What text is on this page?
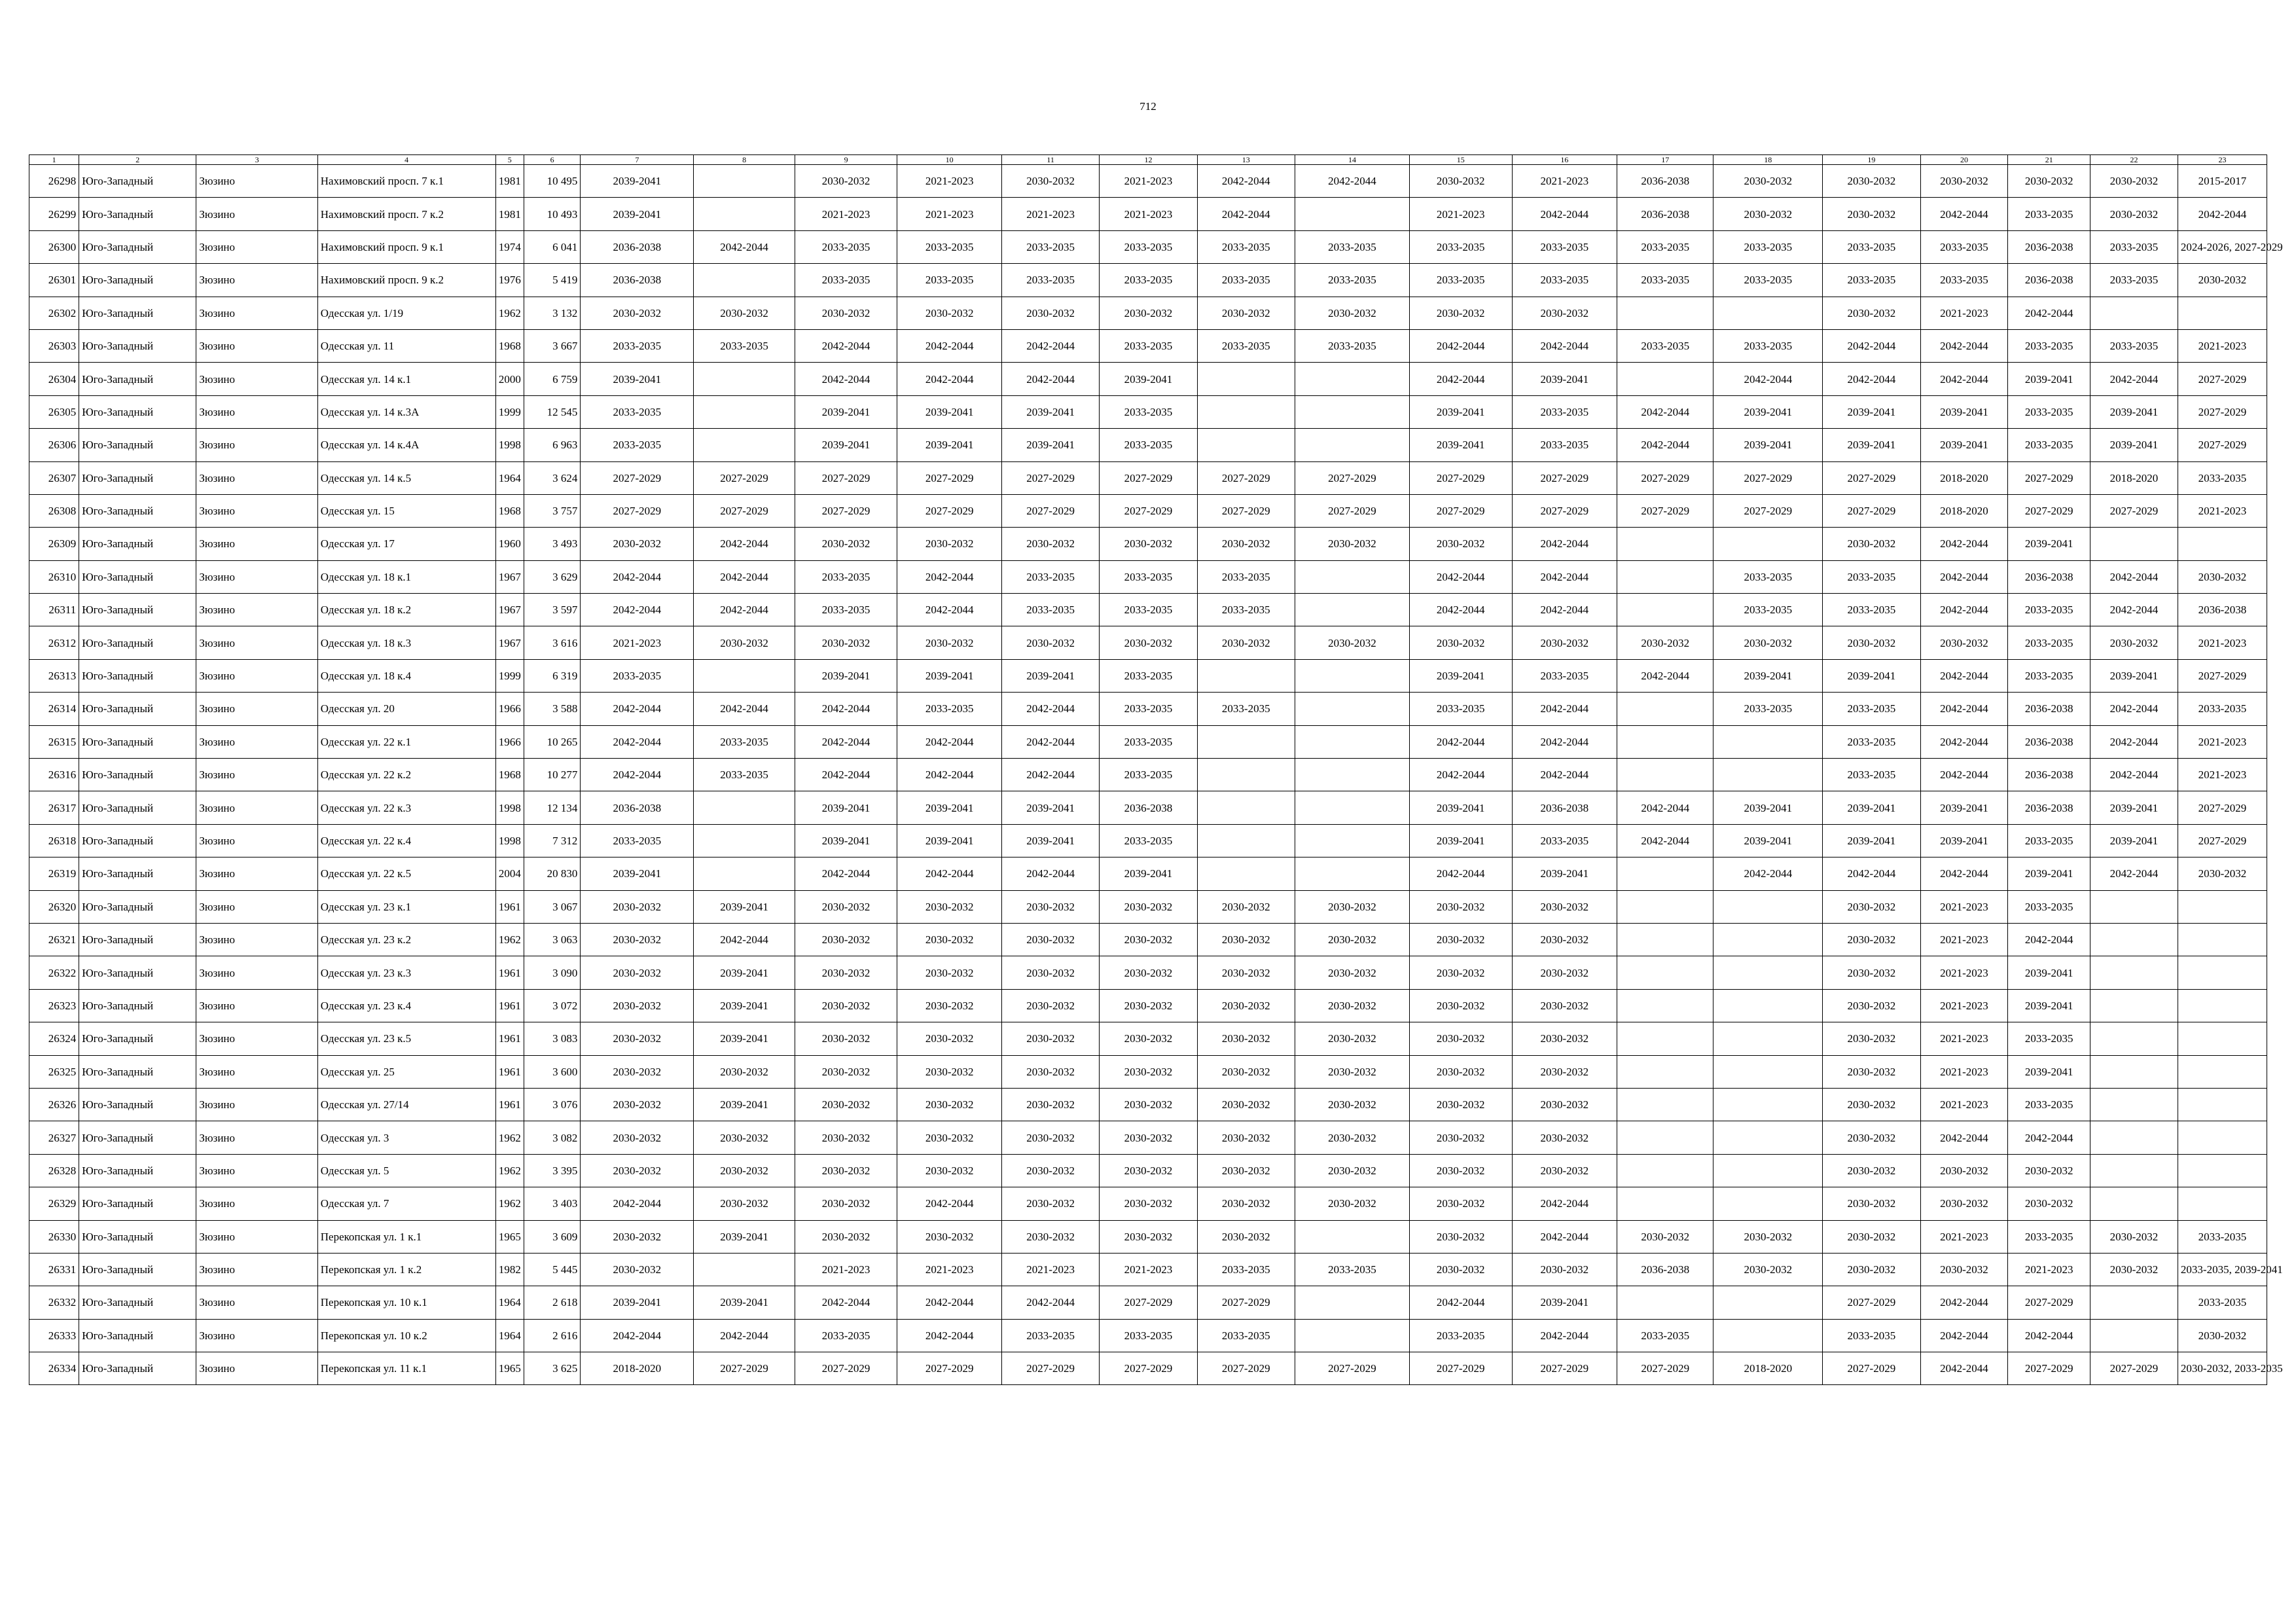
712
1	2	3	4	5	6	7	8	9	10	11	12	13	14	15	16	17	18	19	20	21	22	23
26298	Юго-Западный	Зюзино	Нахимовский просп. 7 к.1	1981	10 495	2039-2041		2030-2032	2021-2023	2030-2032	2021-2023	2042-2044	2042-2044	2030-2032	2021-2023	2036-2038	2030-2032	2030-2032	2030-2032	2030-2032	2030-2032	2015-2017
26299	Юго-Западный	Зюзино	Нахимовский просп. 7 к.2	1981	10 493	2039-2041		2021-2023	2021-2023	2021-2023	2021-2023	2042-2044		2021-2023	2042-2044	2036-2038	2030-2032	2030-2032	2042-2044	2033-2035	2030-2032	2042-2044
26300	Юго-Западный	Зюзино	Нахимовский просп. 9 к.1	1974	6 041	2036-2038	2042-2044	2033-2035	2033-2035	2033-2035	2033-2035	2033-2035	2033-2035	2033-2035	2033-2035	2033-2035	2033-2035	2033-2035	2033-2035	2036-2038	2033-2035	2024-2026, 2027-2029
26301	Юго-Западный	Зюзино	Нахимовский просп. 9 к.2	1976	5 419	2036-2038		2033-2035	2033-2035	2033-2035	2033-2035	2033-2035	2033-2035	2033-2035	2033-2035	2033-2035	2033-2035	2033-2035	2033-2035	2036-2038	2033-2035	2030-2032
26302	Юго-Западный	Зюзино	Одесская ул. 1/19	1962	3 132	2030-2032	2030-2032	2030-2032	2030-2032	2030-2032	2030-2032	2030-2032	2030-2032	2030-2032	2030-2032			2030-2032	2021-2023	2042-2044		
26303	Юго-Западный	Зюзино	Одесская ул. 11	1968	3 667	2033-2035	2033-2035	2042-2044	2042-2044	2042-2044	2033-2035	2033-2035	2033-2035	2042-2044	2042-2044	2033-2035	2033-2035	2042-2044	2042-2044	2033-2035	2033-2035	2021-2023
26304	Юго-Западный	Зюзино	Одесская ул. 14 к.1	2000	6 759	2039-2041		2042-2044	2042-2044	2042-2044	2039-2041			2042-2044	2039-2041		2042-2044	2042-2044	2042-2044	2039-2041	2042-2044	2027-2029
26305	Юго-Западный	Зюзино	Одесская ул. 14 к.3А	1999	12 545	2033-2035		2039-2041	2039-2041	2039-2041	2033-2035			2039-2041	2033-2035	2042-2044	2039-2041	2039-2041	2039-2041	2033-2035	2039-2041	2027-2029
26306	Юго-Западный	Зюзино	Одесская ул. 14 к.4А	1998	6 963	2033-2035		2039-2041	2039-2041	2039-2041	2033-2035			2039-2041	2033-2035	2042-2044	2039-2041	2039-2041	2039-2041	2033-2035	2039-2041	2027-2029
26307	Юго-Западный	Зюзино	Одесская ул. 14 к.5	1964	3 624	2027-2029	2027-2029	2027-2029	2027-2029	2027-2029	2027-2029	2027-2029	2027-2029	2027-2029	2027-2029	2027-2029	2027-2029	2027-2029	2018-2020	2027-2029	2018-2020	2033-2035
26308	Юго-Западный	Зюзино	Одесская ул. 15	1968	3 757	2027-2029	2027-2029	2027-2029	2027-2029	2027-2029	2027-2029	2027-2029	2027-2029	2027-2029	2027-2029	2027-2029	2027-2029	2027-2029	2018-2020	2027-2029	2027-2029	2021-2023
26309	Юго-Западный	Зюзино	Одесская ул. 17	1960	3 493	2030-2032	2042-2044	2030-2032	2030-2032	2030-2032	2030-2032	2030-2032	2030-2032	2030-2032	2042-2044			2030-2032	2042-2044	2039-2041		
26310	Юго-Западный	Зюзино	Одесская ул. 18 к.1	1967	3 629	2042-2044	2042-2044	2033-2035	2042-2044	2033-2035	2033-2035	2033-2035		2042-2044	2042-2044		2033-2035	2033-2035	2042-2044	2036-2038	2042-2044	2030-2032
26311	Юго-Западный	Зюзино	Одесская ул. 18 к.2	1967	3 597	2042-2044	2042-2044	2033-2035	2042-2044	2033-2035	2033-2035	2033-2035		2042-2044	2042-2044		2033-2035	2033-2035	2042-2044	2033-2035	2042-2044	2036-2038
26312	Юго-Западный	Зюзино	Одесская ул. 18 к.3	1967	3 616	2021-2023	2030-2032	2030-2032	2030-2032	2030-2032	2030-2032	2030-2032	2030-2032	2030-2032	2030-2032	2030-2032	2030-2032	2030-2032	2030-2032	2033-2035	2030-2032	2021-2023
26313	Юго-Западный	Зюзино	Одесская ул. 18 к.4	1999	6 319	2033-2035		2039-2041	2039-2041	2039-2041	2033-2035			2039-2041	2033-2035	2042-2044	2039-2041	2039-2041	2042-2044	2033-2035	2039-2041	2027-2029
26314	Юго-Западный	Зюзино	Одесская ул. 20	1966	3 588	2042-2044	2042-2044	2042-2044	2033-2035	2042-2044	2033-2035	2033-2035		2033-2035	2042-2044		2033-2035	2033-2035	2042-2044	2036-2038	2042-2044	2033-2035
26315	Юго-Западный	Зюзино	Одесская ул. 22 к.1	1966	10 265	2042-2044	2033-2035	2042-2044	2042-2044	2042-2044	2033-2035			2042-2044	2042-2044			2033-2035	2042-2044	2036-2038	2042-2044	2021-2023
26316	Юго-Западный	Зюзино	Одесская ул. 22 к.2	1968	10 277	2042-2044	2033-2035	2042-2044	2042-2044	2042-2044	2033-2035			2042-2044	2042-2044			2033-2035	2042-2044	2036-2038	2042-2044	2021-2023
26317	Юго-Западный	Зюзино	Одесская ул. 22 к.3	1998	12 134	2036-2038		2039-2041	2039-2041	2039-2041	2036-2038			2039-2041	2036-2038	2042-2044	2039-2041	2039-2041	2039-2041	2036-2038	2039-2041	2027-2029
26318	Юго-Западный	Зюзино	Одесская ул. 22 к.4	1998	7 312	2033-2035		2039-2041	2039-2041	2039-2041	2033-2035			2039-2041	2033-2035	2042-2044	2039-2041	2039-2041	2039-2041	2033-2035	2039-2041	2027-2029
26319	Юго-Западный	Зюзино	Одесская ул. 22 к.5	2004	20 830	2039-2041		2042-2044	2042-2044	2042-2044	2039-2041			2042-2044	2039-2041		2042-2044	2042-2044	2042-2044	2039-2041	2042-2044	2030-2032
26320	Юго-Западный	Зюзино	Одесская ул. 23 к.1	1961	3 067	2030-2032	2039-2041	2030-2032	2030-2032	2030-2032	2030-2032	2030-2032	2030-2032	2030-2032	2030-2032			2030-2032	2021-2023	2033-2035		
26321	Юго-Западный	Зюзино	Одесская ул. 23 к.2	1962	3 063	2030-2032	2042-2044	2030-2032	2030-2032	2030-2032	2030-2032	2030-2032	2030-2032	2030-2032	2030-2032			2030-2032	2021-2023	2042-2044		
26322	Юго-Западный	Зюзино	Одесская ул. 23 к.3	1961	3 090	2030-2032	2039-2041	2030-2032	2030-2032	2030-2032	2030-2032	2030-2032	2030-2032	2030-2032	2030-2032			2030-2032	2021-2023	2039-2041		
26323	Юго-Западный	Зюзино	Одесская ул. 23 к.4	1961	3 072	2030-2032	2039-2041	2030-2032	2030-2032	2030-2032	2030-2032	2030-2032	2030-2032	2030-2032	2030-2032			2030-2032	2021-2023	2039-2041		
26324	Юго-Западный	Зюзино	Одесская ул. 23 к.5	1961	3 083	2030-2032	2039-2041	2030-2032	2030-2032	2030-2032	2030-2032	2030-2032	2030-2032	2030-2032	2030-2032			2030-2032	2021-2023	2033-2035		
26325	Юго-Западный	Зюзино	Одесская ул. 25	1961	3 600	2030-2032	2030-2032	2030-2032	2030-2032	2030-2032	2030-2032	2030-2032	2030-2032	2030-2032	2030-2032			2030-2032	2021-2023	2039-2041		
26326	Юго-Западный	Зюзино	Одесская ул. 27/14	1961	3 076	2030-2032	2039-2041	2030-2032	2030-2032	2030-2032	2030-2032	2030-2032	2030-2032	2030-2032	2030-2032			2030-2032	2021-2023	2033-2035		
26327	Юго-Западный	Зюзино	Одесская ул. 3	1962	3 082	2030-2032	2030-2032	2030-2032	2030-2032	2030-2032	2030-2032	2030-2032	2030-2032	2030-2032	2030-2032			2030-2032	2042-2044	2042-2044		
26328	Юго-Западный	Зюзино	Одесская ул. 5	1962	3 395	2030-2032	2030-2032	2030-2032	2030-2032	2030-2032	2030-2032	2030-2032	2030-2032	2030-2032	2030-2032			2030-2032	2030-2032	2030-2032		
26329	Юго-Западный	Зюзино	Одесская ул. 7	1962	3 403	2042-2044	2030-2032	2030-2032	2042-2044	2030-2032	2030-2032	2030-2032	2030-2032	2030-2032	2042-2044			2030-2032	2030-2032	2030-2032		
26330	Юго-Западный	Зюзино	Перекопская ул. 1 к.1	1965	3 609	2030-2032	2039-2041	2030-2032	2030-2032	2030-2032	2030-2032	2030-2032		2030-2032	2042-2044	2030-2032	2030-2032	2030-2032	2021-2023	2033-2035	2030-2032	2033-2035
26331	Юго-Западный	Зюзино	Перекопская ул. 1 к.2	1982	5 445	2030-2032		2021-2023	2021-2023	2021-2023	2021-2023	2033-2035	2033-2035	2030-2032	2030-2032	2036-2038	2030-2032	2030-2032	2030-2032	2021-2023	2030-2032	2033-2035, 2039-2041
26332	Юго-Западный	Зюзино	Перекопская ул. 10 к.1	1964	2 618	2039-2041	2039-2041	2042-2044	2042-2044	2042-2044	2027-2029	2027-2029		2042-2044	2039-2041			2027-2029	2042-2044	2027-2029		2033-2035
26333	Юго-Западный	Зюзино	Перекопская ул. 10 к.2	1964	2 616	2042-2044	2042-2044	2033-2035	2042-2044	2033-2035	2033-2035	2033-2035		2033-2035	2042-2044	2033-2035		2033-2035	2042-2044	2042-2044		2030-2032
26334	Юго-Западный	Зюзино	Перекопская ул. 11 к.1	1965	3 625	2018-2020	2027-2029	2027-2029	2027-2029	2027-2029	2027-2029	2027-2029	2027-2029	2027-2029	2027-2029	2027-2029	2018-2020	2027-2029	2042-2044	2027-2029	2027-2029	2030-2032, 2033-2035
